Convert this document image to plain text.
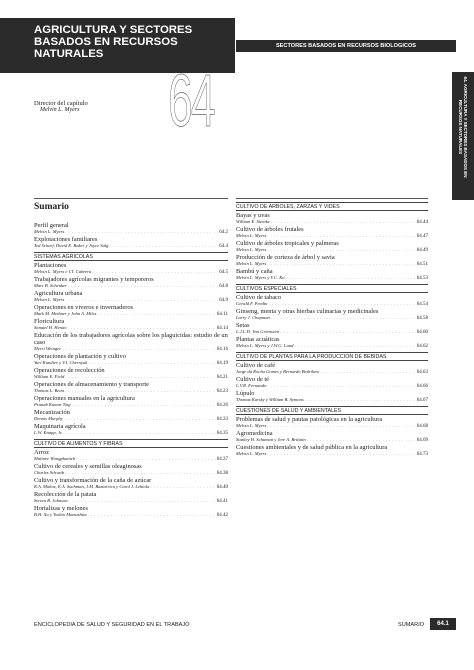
AGRICULTURA Y SECTORES BASADOS EN RECURSOS NATURALES
SECTORES BASADOS EN RECURSOS BIOLOGICOS
64. AGRICULTURA Y SECTORES BASADOS EN RECURSOS NATURALES
64
Director del capítulo
Melvin L. Myers
Sumario
Perfil general
Melvin L. Myers . . .	64.2
Explotaciones familiares
Ted Scharf, David E. Baker y Joyce Salg . . .	64.4
SISTEMAS AGRICOLAS
Plantaciones
Melvin L. Myers e I.T. Cabrera . . .	64.5
Trabajadores agrícolas migrantes y temporeros
Marc B. Schenker . . .	64.8
Agricultura urbana
Melvin L. Myers . . .	64.9
Operaciones en viveros e invernaderos
Mark M. Methner y John A. Miles . . .	64.11
Floricultura
Samuel H. Henao . . .	64.14
Educación de los trabajadores agrícolas sobre los plaguicidas: estudio de un caso
Merri Weinger . . .	64.16
Operaciones de plantación y cultivo
Yuri Kundiev y V.I. Chernyuk . . .	64.19
Operaciones de recolección
William E. Field . . .	64.21
Operaciones de almacenamiento y transporte
Thomas L. Bean . . .	64.23
Operaciones manuales en la agricultura
Pranab Kumar Nag . . .	64.26
Mecanización
Dennis Murphy . . .	64.33
Maquinaria agrícola
L.W. Knapp, Jr. . . .	64.35
CULTIVO DE ALIMENTOS Y FIBRAS
Arroz
Malinee Wongphanich . . .	64.37
Cultivo de cereales y semillas oleaginosas
Charles Schwab . . .	64.38
Cultivo y transformación de la caña de azúcar
R.A. Muñoz, E.A. Suchman, J.M. Baztarrica y Carol J. Lehtola . . .	64.40
Recolección de la patata
Steven B. Johnson . . .	64.41
Hortalizas y melones
B.H. Xu y Toshio Matsushita . . .	64.42
CULTIVO DE ARBOLES, ZARZAS Y VIDES
Bayas y uvas
William E. Steinke . . .	64.44
Cultivo de árboles frutales
Melvin L. Myers . . .	64.47
Cultivo de árboles tropicales y palmeras
Melvin L. Myers . . .	64.49
Producción de corteza de árbol y savia
Melvin L. Myers . . .	64.51
Bambú y caña
Melvin L. Myers y Y.C. Ko . . .	64.53
CULTIVOS ESPECIALES
Cultivo de tabaco
Gerald F. Peedin . . .	64.54
Ginseng, menta y otras hierbas culinarias y medicinales
Larry J. Chapman . . .	64.58
Setas
L.J.L.D. Van Griensven . . .	64.60
Plantas acuáticas
Melvin L. Myers y J.W.G. Lund . . .	64.62
CULTIVO DE PLANTAS PARA LA PRODUCCION DE BEBIDAS
Cultivo de café
Jorge da Rocha Gomes y Bernardo Bedrikow . . .	64.63
Cultivo de té
L.V.R. Fernando . . .	64.66
Lúpulo
Thomas Karsky y William B. Symons . . .	64.67
CUESTIONES DE SALUD Y AMBIENTALES
Problemas de salud y pautas patológicas en la agricultura
Melvin L. Myers . . .	64.68
Agromedicina
Stanley H. Schuman y Jere A. Brittain . . .	64.69
Cuestiones ambientales y de salud pública en la agricultura
Melvin L. Myers . . .	64.73
ENCICLOPEDIA DE SALUD Y SEGURIDAD EN EL TRABAJO	SUMARIO	64.1
